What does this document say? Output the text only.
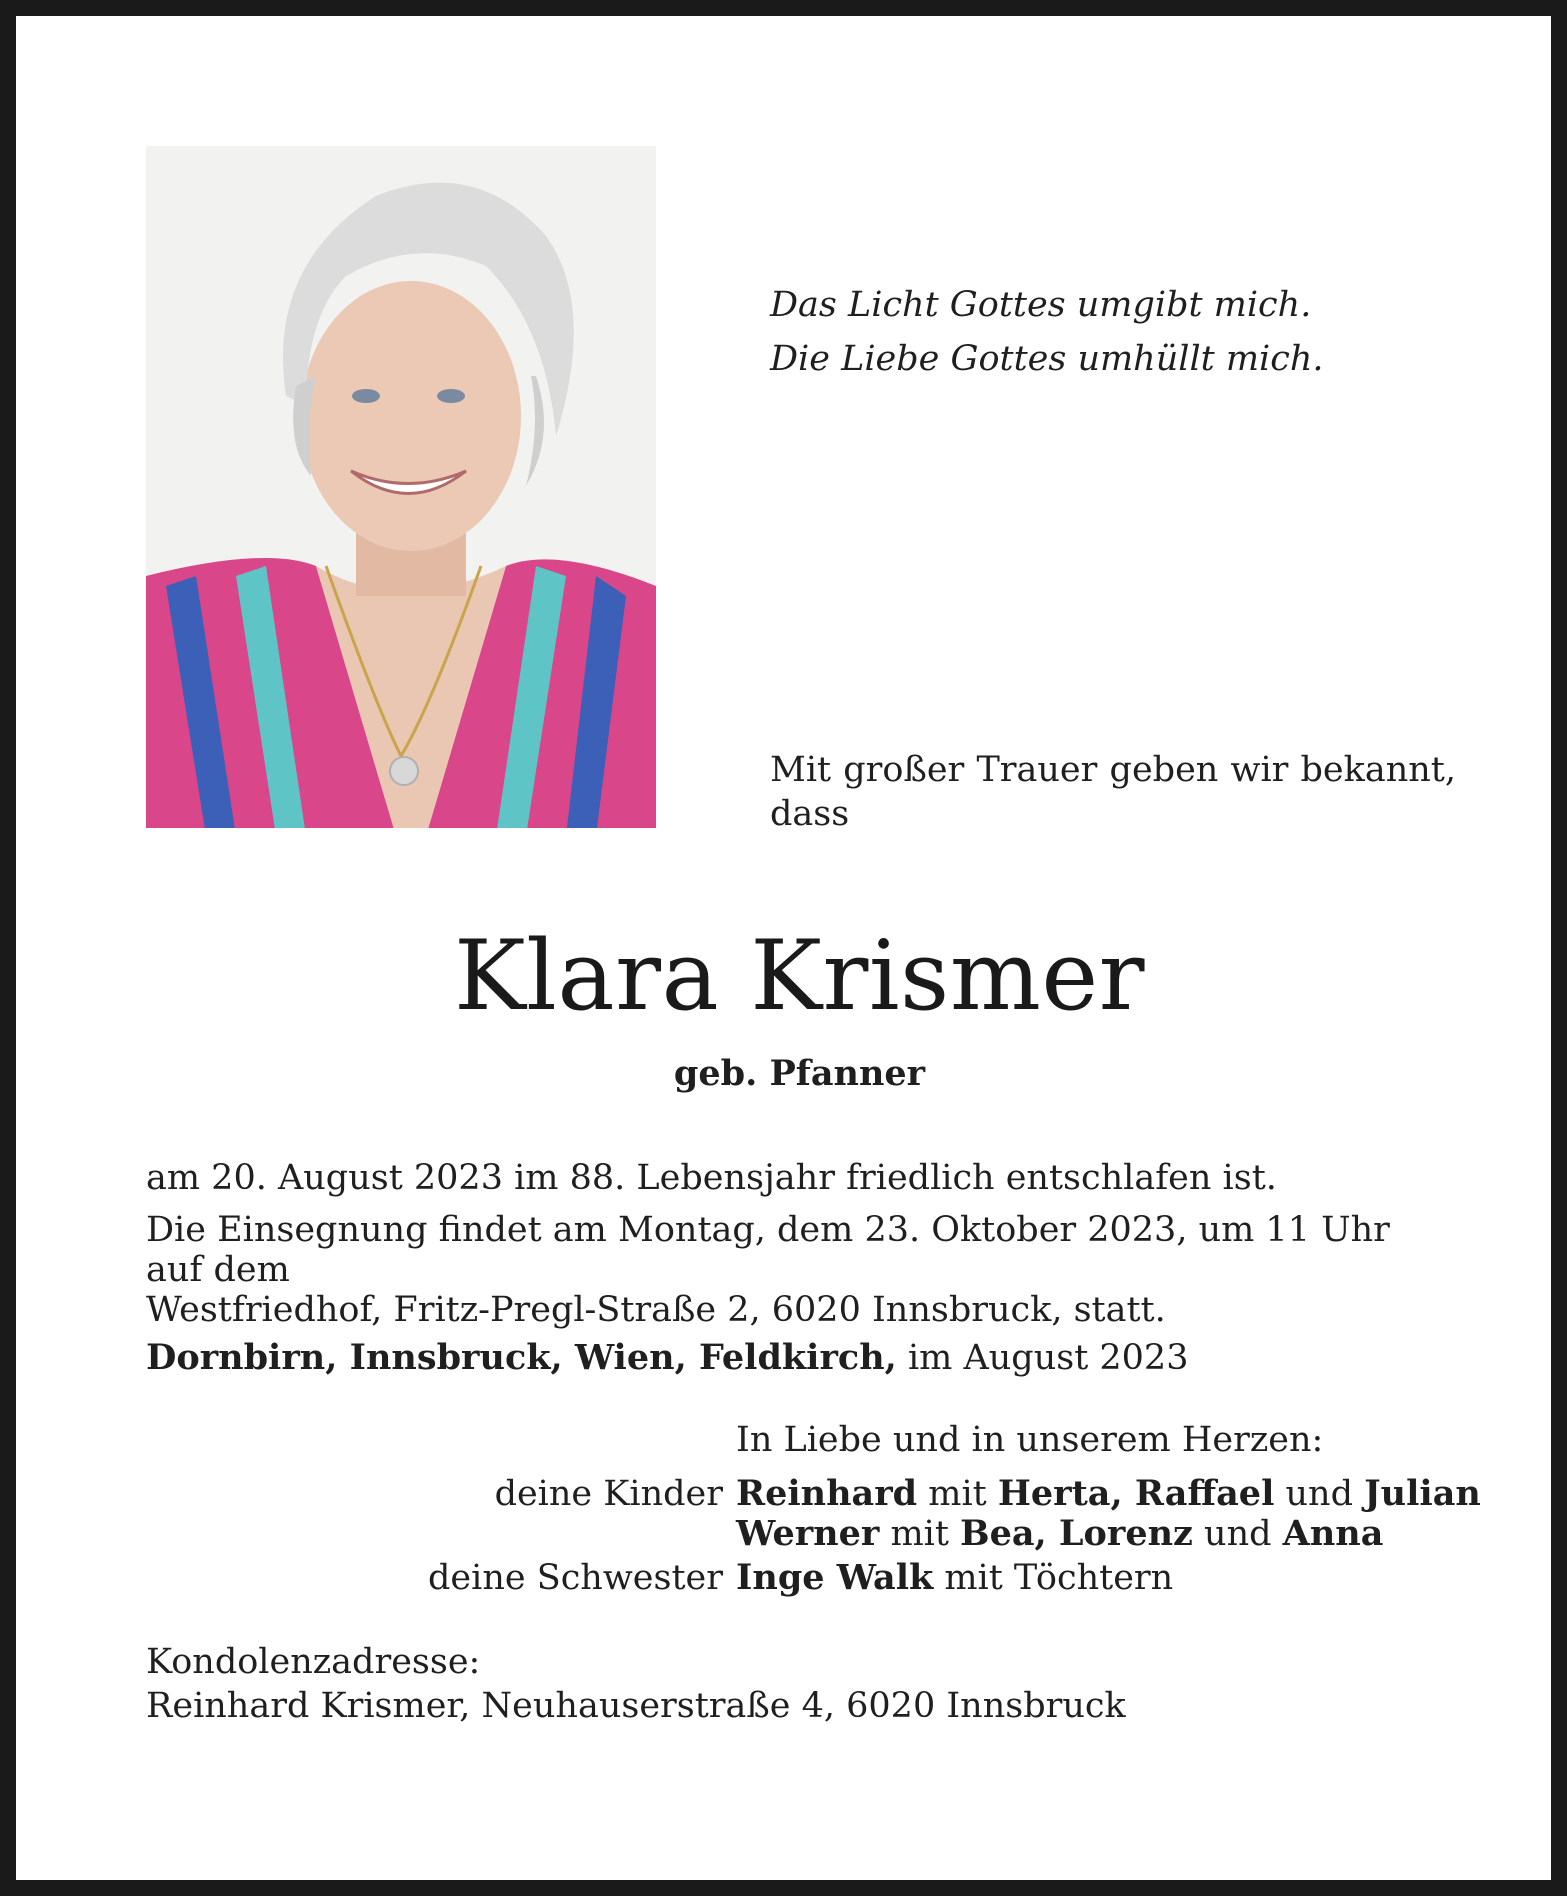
Das Licht Gottes umgibt mich.
Die Liebe Gottes umhüllt mich.

Mit großer Trauer geben wir bekannt, dass

Klara Krismer

geb. Pfanner

am 20. August 2023 im 88. Lebensjahr friedlich entschlafen ist.

Die Einsegnung findet am Montag, dem 23. Oktober 2023, um 11 Uhr auf dem
Westfriedhof, Fritz-Pregl-Straße 2, 6020 Innsbruck, statt.

Dornbirn, Innsbruck, Wien, Feldkirch, im August 2023

In Liebe und in unserem Herzen:

deine Kinder Reinhard mit Herta, Raffael und Julian
Werner mit Bea, Lorenz und Anna
deine Schwester Inge Walk mit Töchtern

Kondolenzadresse:
Reinhard Krismer, Neuhauserstraße 4, 6020 Innsbruck
